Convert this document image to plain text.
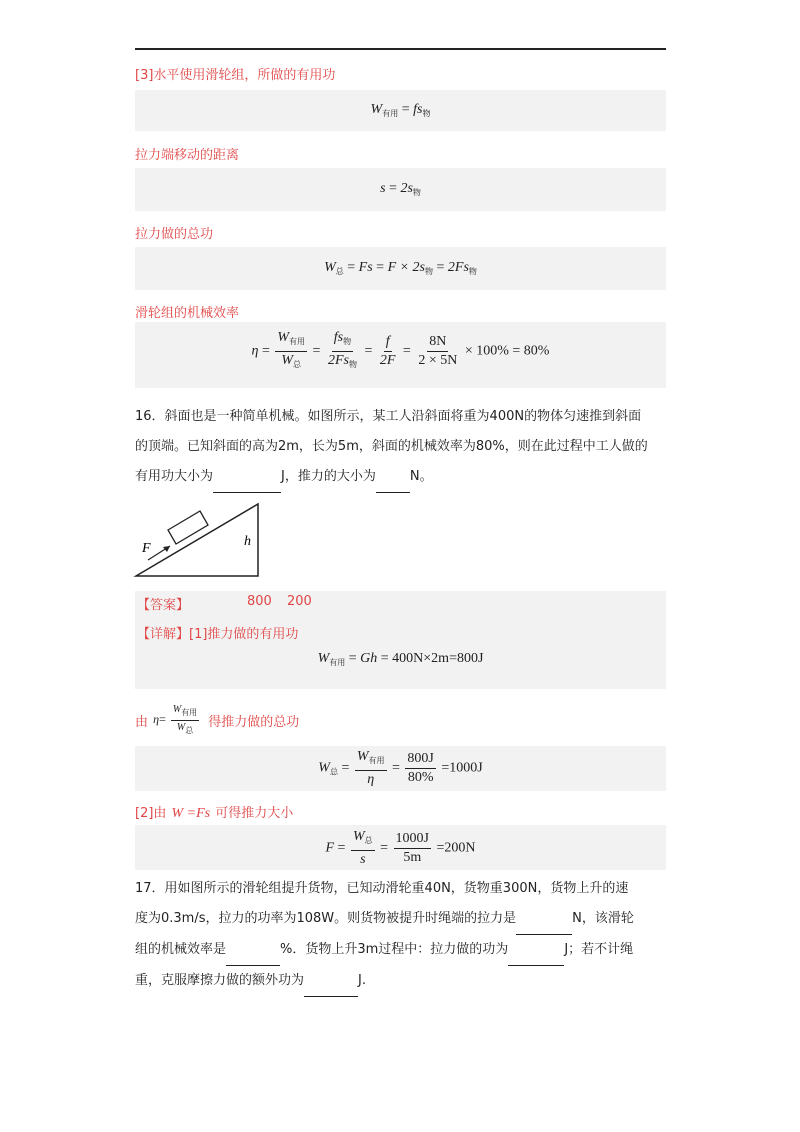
[3]水平使用滑轮组，所做的有用功
$W_{有用} = fs_物$
拉力端移动的距离
$s = 2s_物$
拉力做的总功
$W_总 = Fs = F \times 2s_物 = 2Fs_物$
滑轮组的机械效率
$\eta = \frac{W_{有用}}{W_总} = \frac{fs_物}{2Fs_物} = \frac{f}{2F} = \frac{8N}{2 \times 5N} \times 100\% = 80\%$
16．斜面也是一种简单机械。如图所示，某工人沿斜面将重为400N的物体匀速推到斜面
的顶端。已知斜面的高为2m，长为5m，斜面的机械效率为80%，则在此过程中工人做的
有用功大小为	J，推力的大小为	N。
F	h
【答案】	800 200
【详解】[1]推力做的有用功
$W_{有用} = Gh = 400N\times 2m=800J$
由 $\eta= \frac{W_{有用}}{W_总}$ 得推力做的总功
$W_总 = \frac{W_{有用}}{\eta} = \frac{800J}{80\%} =1000J$
[2]由 W =Fs 可得推力大小
$F = \frac{W_总}{s} = \frac{1000J}{5m} =200N$
17．用如图所示的滑轮组提升货物，已知动滑轮重40N，货物重300N，货物上升的速
度为0.3m/s，拉力的功率为108W。则货物被提升时绳端的拉力是	N，该滑轮
组的机械效率是	%．货物上升3m过程中：拉力做的功为	J；若不计绳
重，克服摩擦力做的额外功为	J.
